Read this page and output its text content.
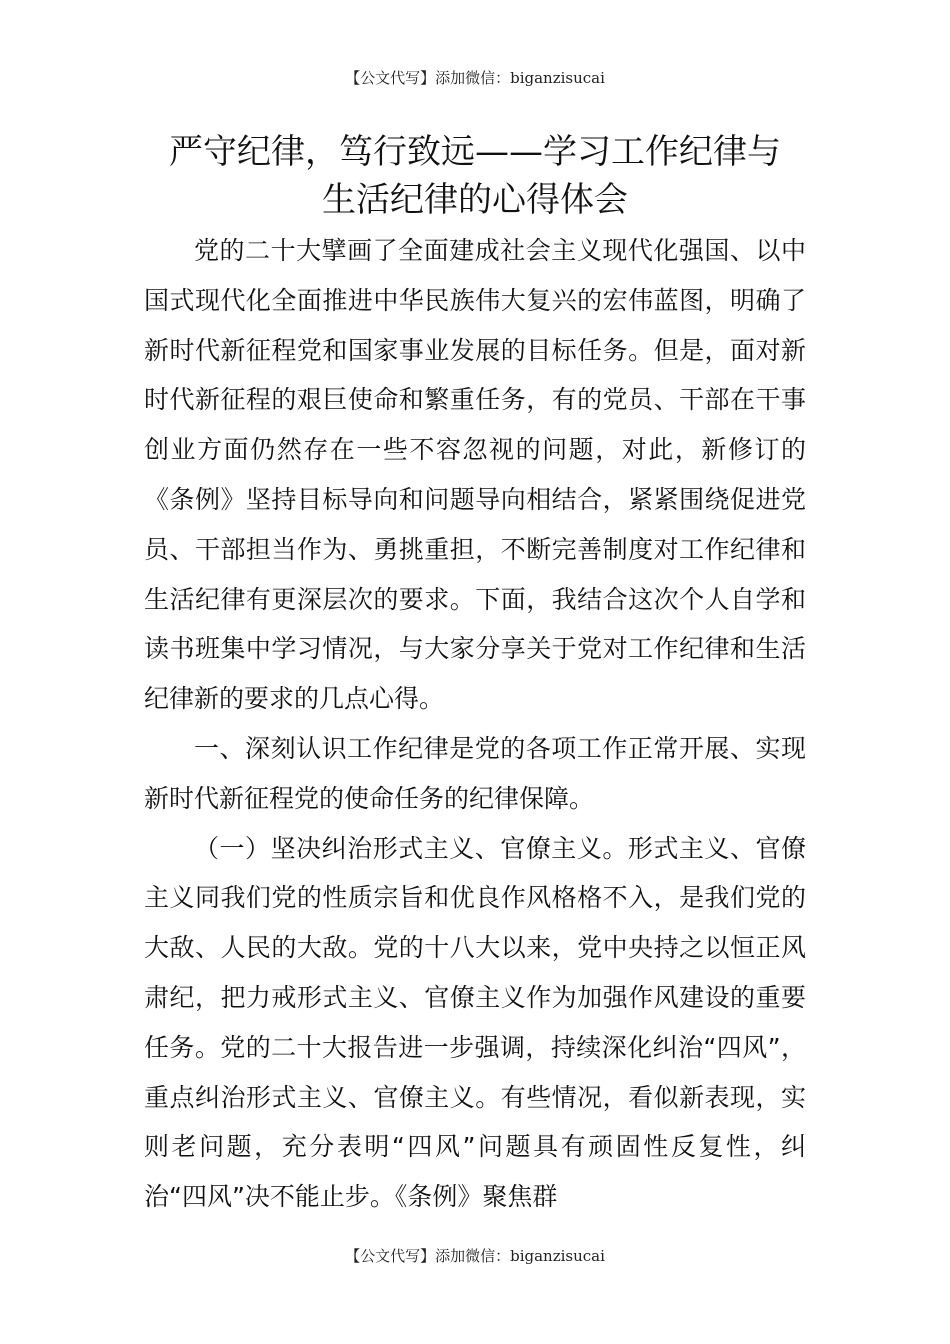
【公文代写】添加微信：biganzisucai
严守纪律，笃行致远——学习工作纪律与
生活纪律的心得体会

党的二十大擘画了全面建成社会主义现代化强国、以中国式现代化全面推进中华民族伟大复兴的宏伟蓝图，明确了新时代新征程党和国家事业发展的目标任务。但是，面对新时代新征程的艰巨使命和繁重任务，有的党员、干部在干事创业方面仍然存在一些不容忽视的问题，对此，新修订的《条例》坚持目标导向和问题导向相结合，紧紧围绕促进党员、干部担当作为、勇挑重担，不断完善制度对工作纪律和生活纪律有更深层次的要求。下面，我结合这次个人自学和读书班集中学习情况，与大家分享关于党对工作纪律和生活纪律新的要求的几点心得。

一、深刻认识工作纪律是党的各项工作正常开展、实现新时代新征程党的使命任务的纪律保障。

（一）坚决纠治形式主义、官僚主义。形式主义、官僚主义同我们党的性质宗旨和优良作风格格不入，是我们党的大敌、人民的大敌。党的十八大以来，党中央持之以恒正风肃纪，把力戒形式主义、官僚主义作为加强作风建设的重要任务。党的二十大报告进一步强调，持续深化纠治“四风”，重点纠治形式主义、官僚主义。有些情况，看似新表现，实则老问题，充分表明“四风”问题具有顽固性反复性，纠治“四风”决不能止步。《条例》聚焦群

【公文代写】添加微信：biganzisucai
